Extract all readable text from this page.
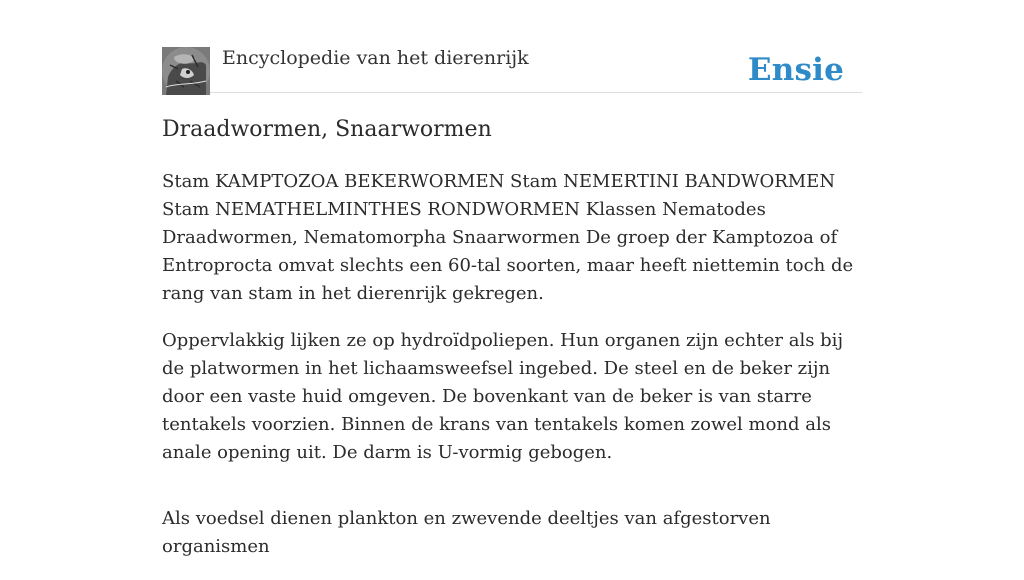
Encyclopedie van het dierenrijk	Ensie
Draadwormen, Snaarwormen

Stam KAMPTOZOA BEKERWORMEN Stam NEMERTINI BANDWORMEN Stam NEMATHELMINTHES RONDWORMEN Klassen Nematodes Draadwormen, Nematomorpha Snaarwormen De groep der Kamptozoa of Entroprocta omvat slechts een 60-tal soorten, maar heeft niettemin toch de rang van stam in het dierenrijk gekregen.

Oppervlakkig lijken ze op hydroïdpoliepen. Hun organen zijn echter als bij de platwormen in het lichaamsweefsel ingebed. De steel en de beker zijn door een vaste huid omgeven. De bovenkant van de beker is van starre tentakels voorzien. Binnen de krans van tentakels komen zowel mond als anale opening uit. De darm is U-vormig gebogen.

Als voedsel dienen plankton en zwevende deeltjes van afgestorven organismen
